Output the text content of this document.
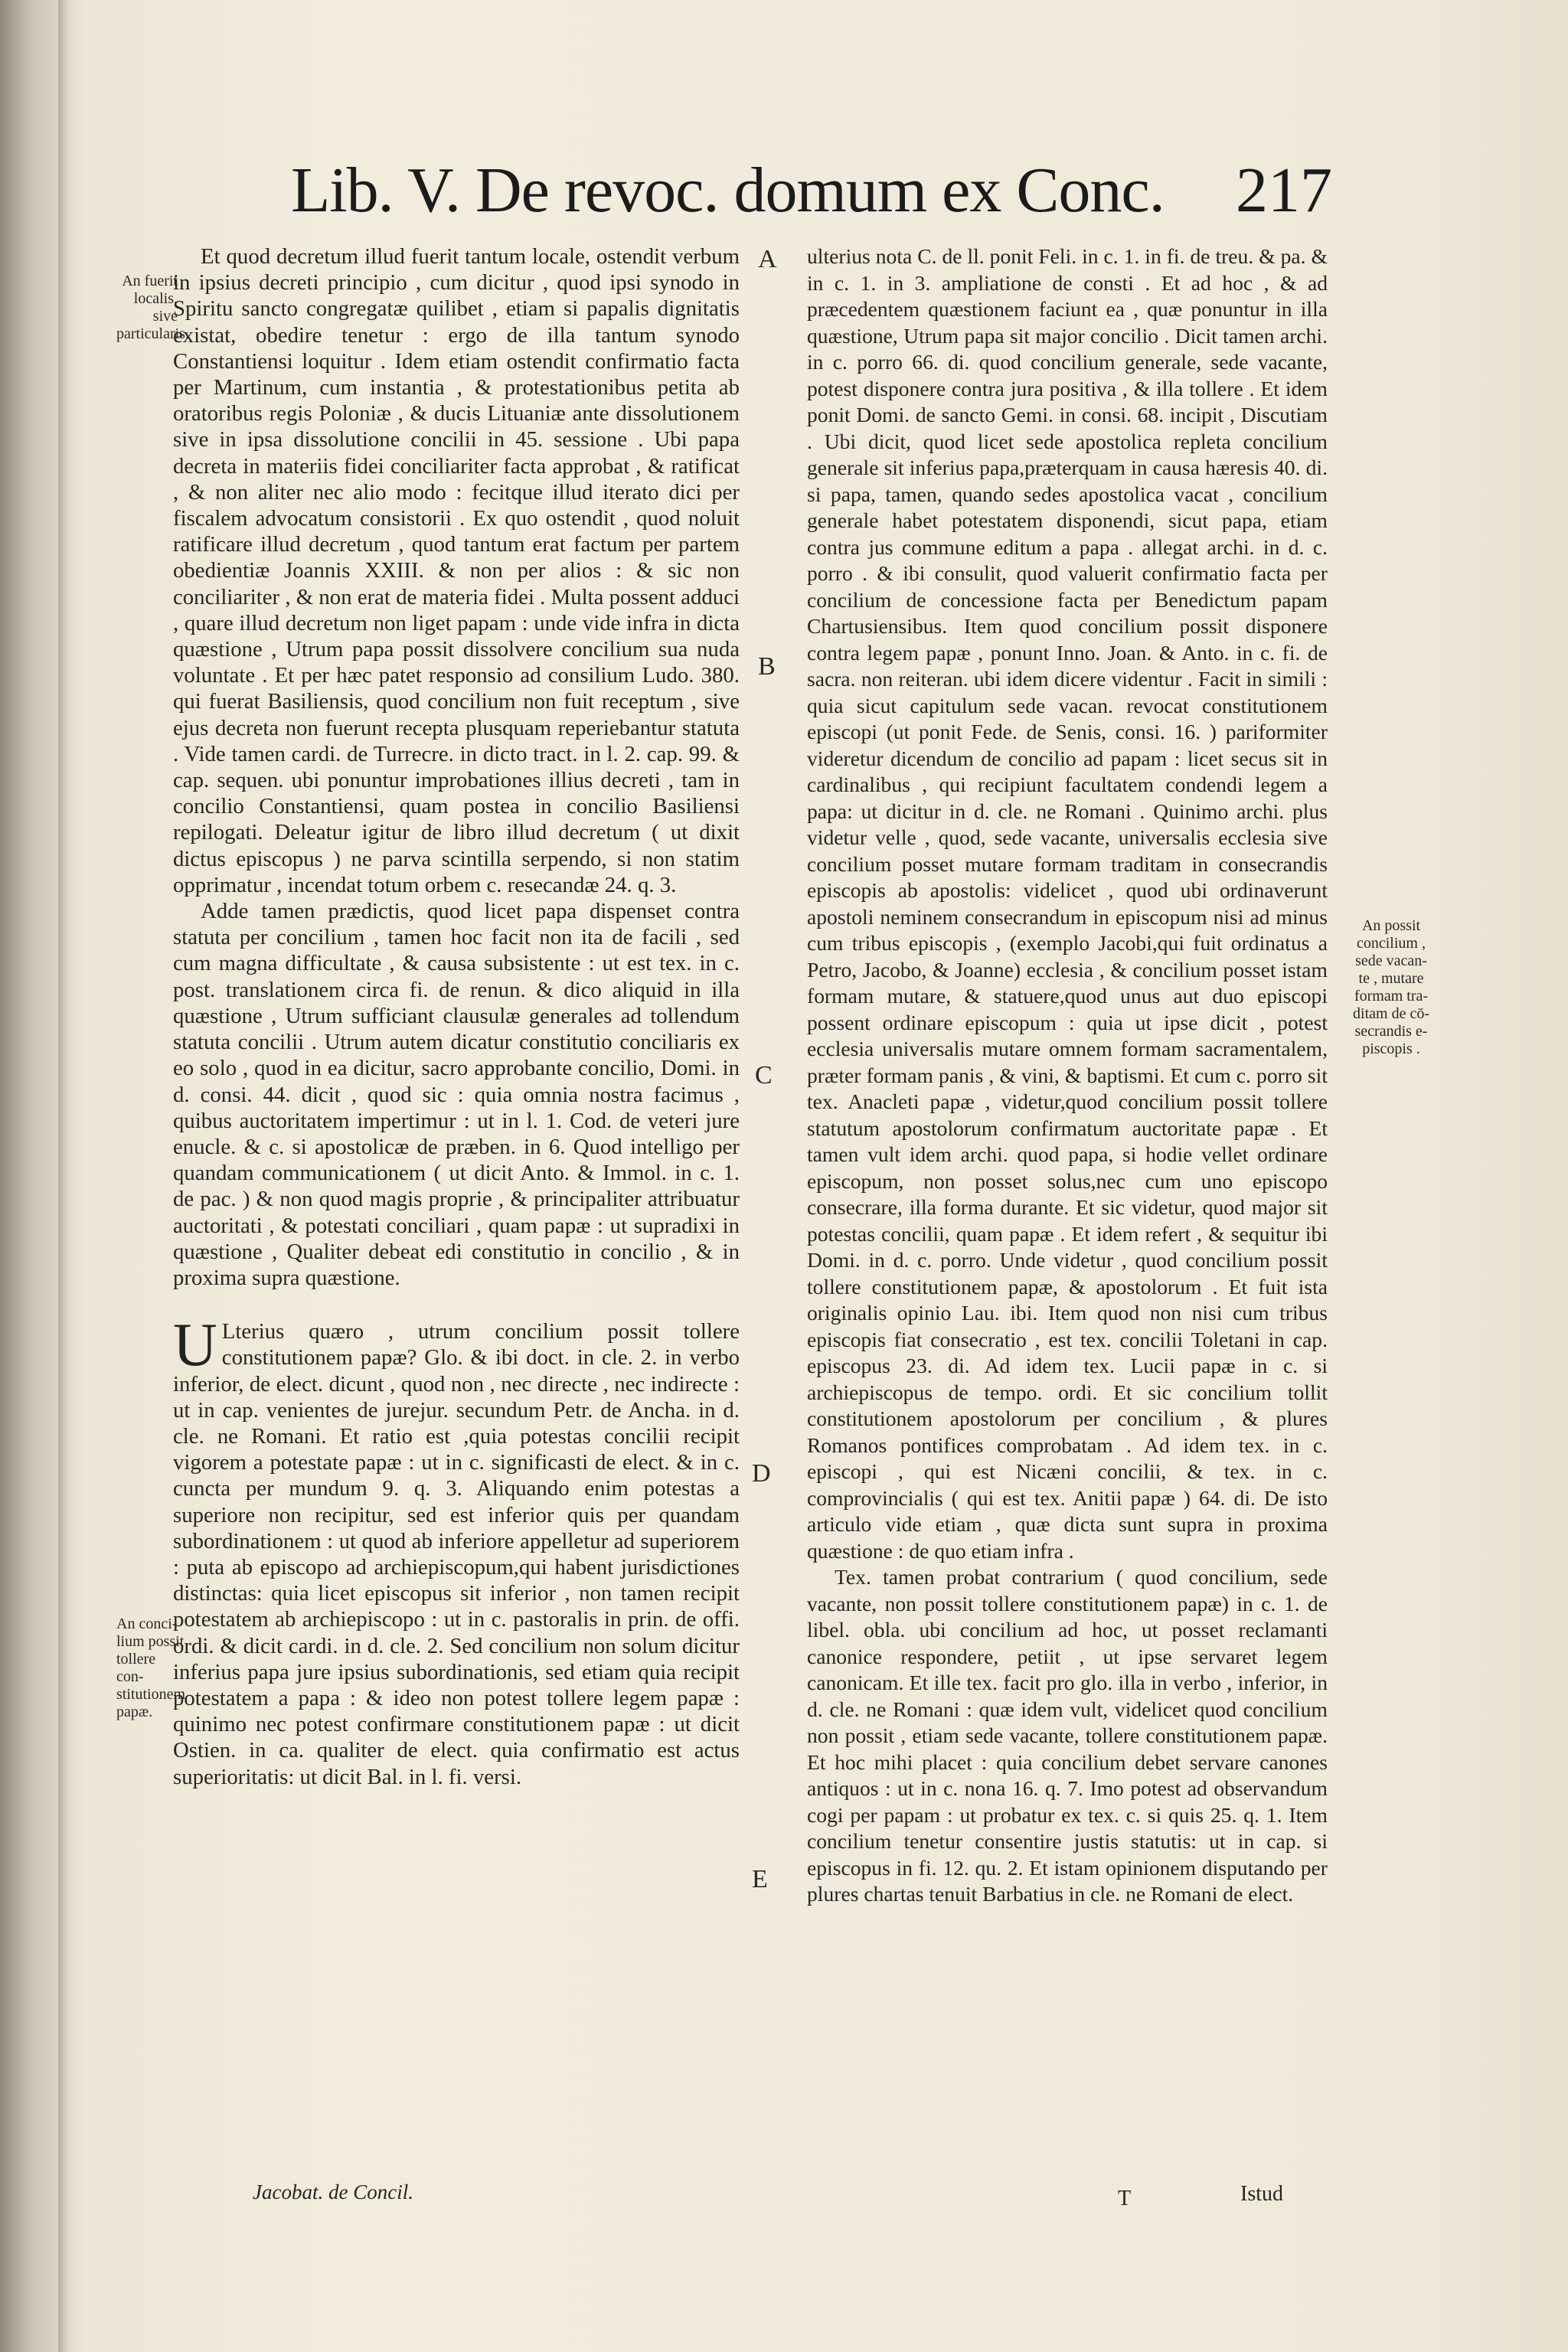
Lib. V. De revoc. domum ex Conc. 217
An fuerit
localis, sive
particularis.
An conci-
lium possit
tollere con-
stitutionem
papæ.
An possit
concilium ,
sede vacan-
te , mutare
formam tra-
ditam de cō-
secrandis e-
piscopis .
A
B
C
D
E

Et quod decretum illud fuerit tantum locale, ostendit verbum in ipsius decreti principio , cum dicitur , quod ipsi synodo in Spiritu sancto congregatæ quilibet , etiam si papalis dignitatis existat, obedire tenetur : ergo de illa tantum synodo Constantiensi loquitur . Idem etiam ostendit confirmatio facta per Martinum, cum instantia , & protestationibus petita ab oratoribus regis Poloniæ , & ducis Lituaniæ ante dissolutionem sive in ipsa dissolutione concilii in 45. sessione . Ubi papa decreta in materiis fidei conciliariter facta approbat , & ratificat , & non aliter nec alio modo : fecitque illud iterato dici per fiscalem advocatum consistorii . Ex quo ostendit , quod noluit ratificare illud decretum , quod tantum erat factum per partem obedientiæ Joannis XXIII. & non per alios : & sic non conciliariter , & non erat de materia fidei . Multa possent adduci , quare illud decretum non liget papam : unde vide infra in dicta quæstione , Utrum papa possit dissolvere concilium sua nuda voluntate . Et per hæc patet responsio ad consilium Ludo. 380. qui fuerat Basiliensis, quod concilium non fuit receptum , sive ejus decreta non fuerunt recepta plusquam reperiebantur statuta . Vide tamen cardi. de Turrecre. in dicto tract. in l. 2. cap. 99. & cap. sequen. ubi ponuntur improbationes illius decreti , tam in concilio Constantiensi, quam postea in concilio Basiliensi repilogati. Deleatur igitur de libro illud decretum ( ut dixit dictus episcopus ) ne parva scintilla serpendo, si non statim opprimatur , incendat totum orbem c. resecandæ 24. q. 3.

Adde tamen prædictis, quod licet papa dispenset contra statuta per concilium , tamen hoc facit non ita de facili , sed cum magna difficultate , & causa subsistente : ut est tex. in c. post. translationem circa fi. de renun. & dico aliquid in illa quæstione , Utrum sufficiant clausulæ generales ad tollendum statuta concilii . Utrum autem dicatur constitutio conciliaris ex eo solo , quod in ea dicitur, sacro approbante concilio, Domi. in d. consi. 44. dicit , quod sic : quia omnia nostra facimus , quibus auctoritatem impertimur : ut in l. 1. Cod. de veteri jure enucle. & c. si apostolicæ de præben. in 6. Quod intelligo per quandam communicationem ( ut dicit Anto. & Immol. in c. 1. de pac. ) & non quod magis proprie , & principaliter attribuatur auctoritati , & potestati conciliari , quam papæ : ut supradixi in quæstione , Qualiter debeat edi constitutio in concilio , & in proxima supra quæstione.

U Lterius quæro , utrum concilium possit tollere constitutionem papæ? Glo. & ibi doct. in cle. 2. in verbo inferior, de elect. dicunt , quod non , nec directe , nec indirecte : ut in cap. venientes de jurejur. secundum Petr. de Ancha. in d. cle. ne Romani. Et ratio est ,quia potestas concilii recipit vigorem a potestate papæ : ut in c. significasti de elect. & in c. cuncta per mundum 9. q. 3. Aliquando enim potestas a superiore non recipitur, sed est inferior quis per quandam subordinationem : ut quod ab inferiore appelletur ad superiorem : puta ab episcopo ad archiepiscopum,qui habent jurisdictiones distinctas: quia licet episcopus sit inferior , non tamen recipit potestatem ab archiepiscopo : ut in c. pastoralis in prin. de offi. ordi. & dicit cardi. in d. cle. 2. Sed concilium non solum dicitur inferius papa jure ipsius subordinationis, sed etiam quia recipit potestatem a papa : & ideo non potest tollere legem papæ : quinimo nec potest confirmare constitutionem papæ : ut dicit Ostien. in ca. qualiter de elect. quia confirmatio est actus superioritatis: ut dicit Bal. in l. fi. versi.

ulterius nota C. de ll. ponit Feli. in c. 1. in fi. de treu. & pa. & in c. 1. in 3. ampliatione de consti . Et ad hoc , & ad præcedentem quæstionem faciunt ea , quæ ponuntur in illa quæstione, Utrum papa sit major concilio . Dicit tamen archi. in c. porro 66. di. quod concilium generale, sede vacante, potest disponere contra jura positiva , & illa tollere . Et idem ponit Domi. de sancto Gemi. in consi. 68. incipit , Discutiam . Ubi dicit, quod licet sede apostolica repleta concilium generale sit inferius papa,præterquam in causa hæresis 40. di. si papa, tamen, quando sedes apostolica vacat , concilium generale habet potestatem disponendi, sicut papa, etiam contra jus commune editum a papa . allegat archi. in d. c. porro . & ibi consulit, quod valuerit confirmatio facta per concilium de concessione facta per Benedictum papam Chartusiensibus. Item quod concilium possit disponere contra legem papæ , ponunt Inno. Joan. & Anto. in c. fi. de sacra. non reiteran. ubi idem dicere videntur . Facit in simili : quia sicut capitulum sede vacan. revocat constitutionem episcopi (ut ponit Fede. de Senis, consi. 16. ) pariformiter videretur dicendum de concilio ad papam : licet secus sit in cardinalibus , qui recipiunt facultatem condendi legem a papa: ut dicitur in d. cle. ne Romani . Quinimo archi. plus videtur velle , quod, sede vacante, universalis ecclesia sive concilium posset mutare formam traditam in consecrandis episcopis ab apostolis: videlicet , quod ubi ordinaverunt apostoli neminem consecrandum in episcopum nisi ad minus cum tribus episcopis , (exemplo Jacobi,qui fuit ordinatus a Petro, Jacobo, & Joanne) ecclesia , & concilium posset istam formam mutare, & statuere,quod unus aut duo episcopi possent ordinare episcopum : quia ut ipse dicit , potest ecclesia universalis mutare omnem formam sacramentalem, præter formam panis , & vini, & baptismi. Et cum c. porro sit tex. Anacleti papæ , videtur,quod concilium possit tollere statutum apostolorum confirmatum auctoritate papæ . Et tamen vult idem archi. quod papa, si hodie vellet ordinare episcopum, non posset solus,nec cum uno episcopo consecrare, illa forma durante. Et sic videtur, quod major sit potestas concilii, quam papæ . Et idem refert , & sequitur ibi Domi. in d. c. porro. Unde videtur , quod concilium possit tollere constitutionem papæ, & apostolorum . Et fuit ista originalis opinio Lau. ibi. Item quod non nisi cum tribus episcopis fiat consecratio , est tex. concilii Toletani in cap. episcopus 23. di. Ad idem tex. Lucii papæ in c. si archiepiscopus de tempo. ordi. Et sic concilium tollit constitutionem apostolorum per concilium , & plures Romanos pontifices comprobatam . Ad idem tex. in c. episcopi , qui est Nicæni concilii, & tex. in c. comprovincialis ( qui est tex. Anitii papæ ) 64. di. De isto articulo vide etiam , quæ dicta sunt supra in proxima quæstione : de quo etiam infra .

Tex. tamen probat contrarium ( quod concilium, sede vacante, non possit tollere constitutionem papæ) in c. 1. de libel. obla. ubi concilium ad hoc, ut posset reclamanti canonice respondere, petiit , ut ipse servaret legem canonicam. Et ille tex. facit pro glo. illa in verbo , inferior, in d. cle. ne Romani : quæ idem vult, videlicet quod concilium non possit , etiam sede vacante, tollere constitutionem papæ. Et hoc mihi placet : quia concilium debet servare canones antiquos : ut in c. nona 16. q. 7. Imo potest ad observandum cogi per papam : ut probatur ex tex. c. si quis 25. q. 1. Item concilium tenetur consentire justis statutis: ut in cap. si episcopus in fi. 12. qu. 2. Et istam opinionem disputando per plures chartas tenuit Barbatius in cle. ne Romani de elect.

Jacobat. de Concil.	T	Istud
